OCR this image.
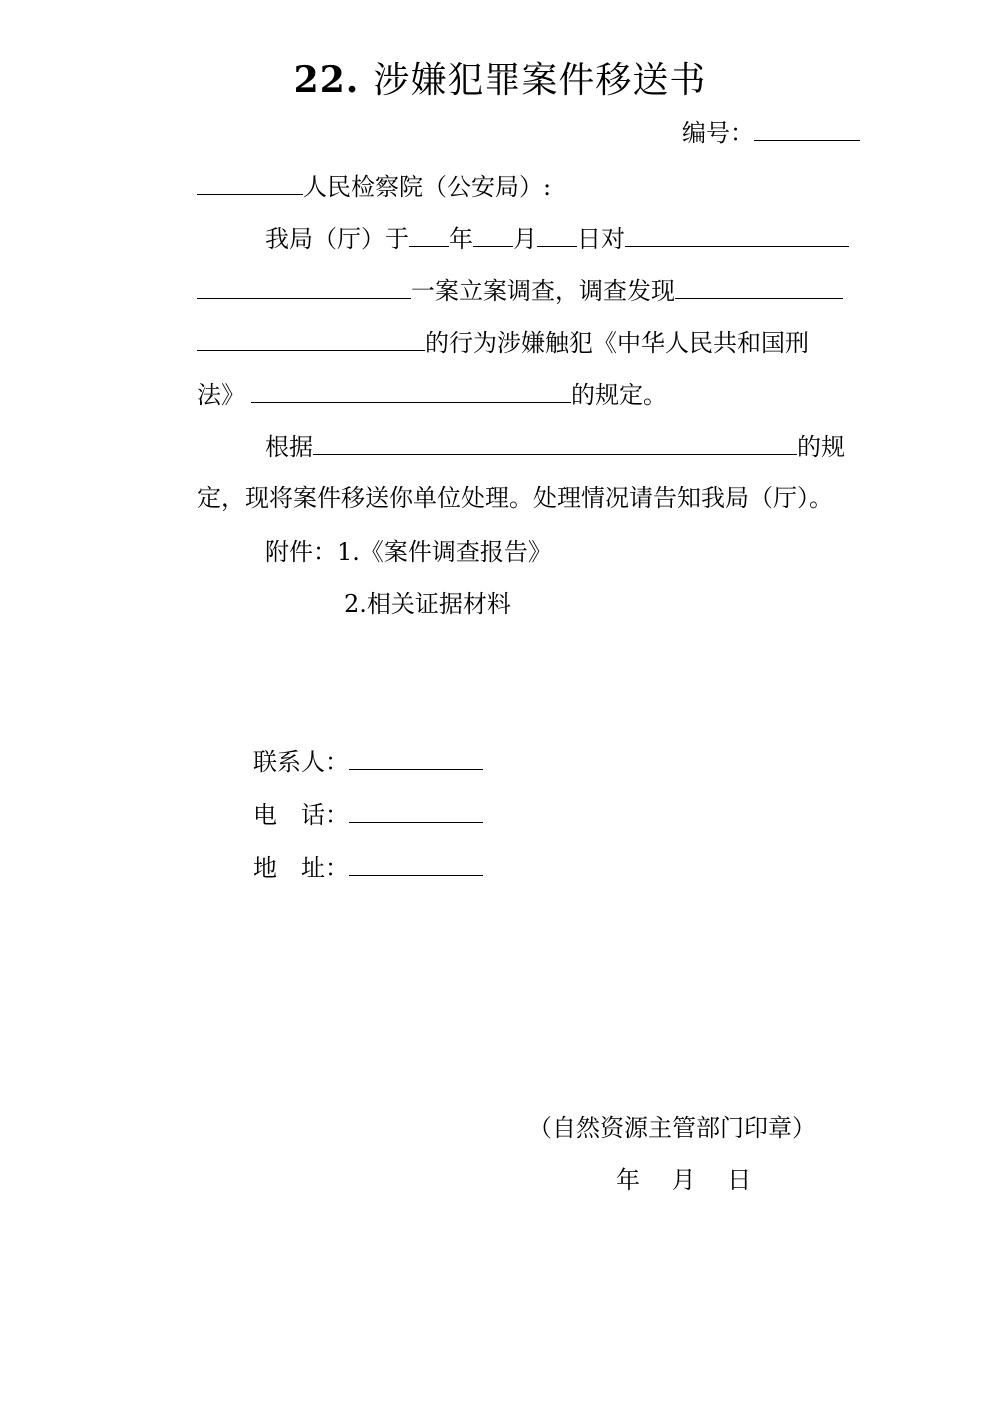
22. 涉嫌犯罪案件移送书
编号：
人民检察院（公安局）:
我局（厅）于 年 月 日对
一案立案调查，调查发现
的行为涉嫌触犯《中华人民共和国刑
法》	的规定。
根据	的规
定，现将案件移送你单位处理。处理情况请告知我局（厅）。
附件：1.《案件调查报告》
2.相关证据材料
联系人：
电　话：
地　址：
（自然资源主管部门印章）
年　 月　 日
